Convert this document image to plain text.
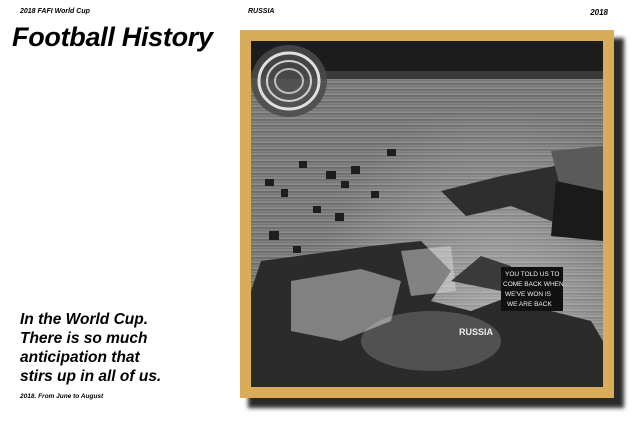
2018 FAFI World Cup	RUSSIA	2018
Football History

In the World Cup.
There is so much
anticipation that
stirs up in all of us.

2018. From June to August
YOU TOLD US TO
COME BACK WHEN
WE'VE WON IS
WE ARE BACK
RUSSIA
